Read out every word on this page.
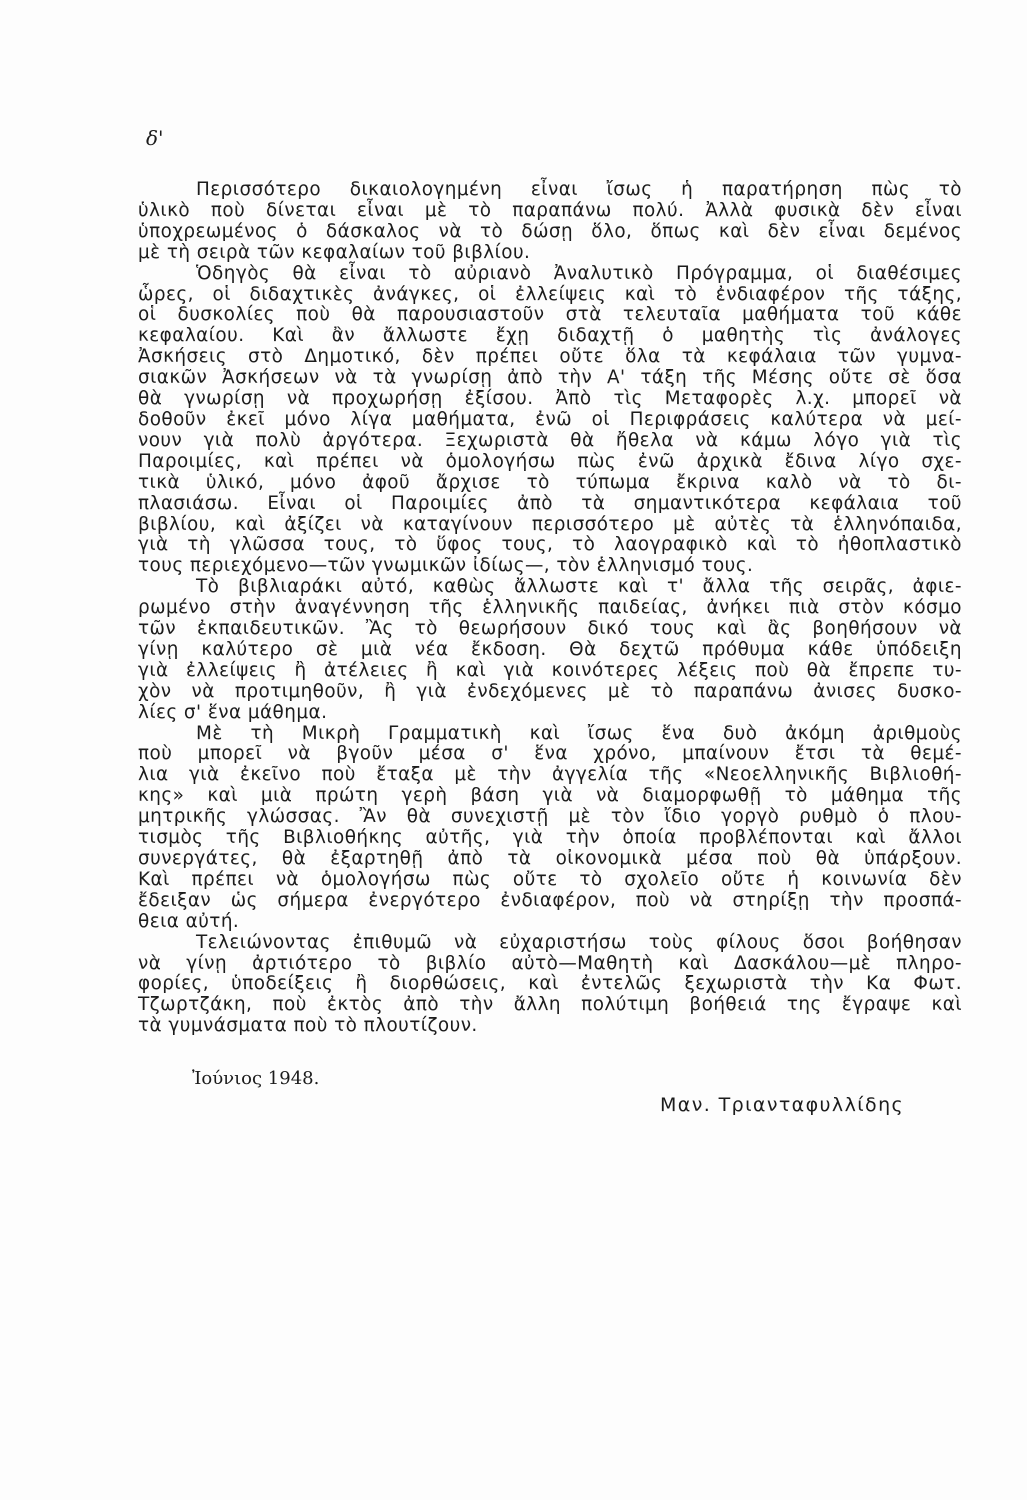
δ'
Περισσότερο δικαιολογημένη εἶναι ἴσως ἡ παρατήρηση πὼς τὸ
ὑλικὸ ποὺ δίνεται εἶναι μὲ τὸ παραπάνω πολύ. Ἀλλὰ φυσικὰ δὲν εἶναι
ὑποχρεωμένος ὁ δάσκαλος νὰ τὸ δώσῃ ὅλο, ὅπως καὶ δὲν εἶναι δεμένος
μὲ τὴ σειρὰ τῶν κεφαλαίων τοῦ βιβλίου.
Ὁδηγὸς θὰ εἶναι τὸ αὐριανὸ Ἀναλυτικὸ Πρόγραμμα, οἱ διαθέσιμες
ὧρες, οἱ διδαχτικὲς ἀνάγκες, οἱ ἐλλείψεις καὶ τὸ ἐνδιαφέρον τῆς τάξης,
οἱ δυσκολίες ποὺ θὰ παρουσιαστοῦν στὰ τελευταῖα μαθήματα τοῦ κάθε
κεφαλαίου. Καὶ ἂν ἄλλωστε ἔχῃ διδαχτῇ ὁ μαθητὴς τὶς ἀνάλογες
Ἀσκήσεις στὸ Δημοτικό, δὲν πρέπει οὔτε ὅλα τὰ κεφάλαια τῶν γυμνα-
σιακῶν Ἀσκήσεων νὰ τὰ γνωρίσῃ ἀπὸ τὴν Α' τάξη τῆς Μέσης οὔτε σὲ ὅσα
θὰ γνωρίσῃ νὰ προχωρήσῃ ἐξίσου. Ἀπὸ τὶς Μεταφορὲς λ.χ. μπορεῖ νὰ
δοθοῦν ἐκεῖ μόνο λίγα μαθήματα, ἐνῶ οἱ Περιφράσεις καλύτερα νὰ μεί-
νουν γιὰ πολὺ ἀργότερα. Ξεχωριστὰ θὰ ἤθελα νὰ κάμω λόγο γιὰ τὶς
Παροιμίες, καὶ πρέπει νὰ ὁμολογήσω πὼς ἐνῶ ἀρχικὰ ἔδινα λίγο σχε-
τικὰ ὑλικό, μόνο ἀφοῦ ἄρχισε τὸ τύπωμα ἔκρινα καλὸ νὰ τὸ δι-
πλασιάσω. Εἶναι οἱ Παροιμίες ἀπὸ τὰ σημαντικότερα κεφάλαια τοῦ
βιβλίου, καὶ ἀξίζει νὰ καταγίνουν περισσότερο μὲ αὐτὲς τὰ ἑλληνόπαιδα,
γιὰ τὴ γλῶσσα τους, τὸ ὕφος τους, τὸ λαογραφικὸ καὶ τὸ ἠθοπλαστικὸ
τους περιεχόμενο—τῶν γνωμικῶν ἰδίως—, τὸν ἑλληνισμό τους.
Τὸ βιβλιαράκι αὐτό, καθὼς ἄλλωστε καὶ τ' ἄλλα τῆς σειρᾶς, ἀφιε-
ρωμένο στὴν ἀναγέννηση τῆς ἑλληνικῆς παιδείας, ἀνήκει πιὰ στὸν κόσμο
τῶν ἐκπαιδευτικῶν. Ἂς τὸ θεωρήσουν δικό τους καὶ ἂς βοηθήσουν νὰ
γίνῃ καλύτερο σὲ μιὰ νέα ἔκδοση. Θὰ δεχτῶ πρόθυμα κάθε ὑπόδειξη
γιὰ ἐλλείψεις ἢ ἀτέλειες ἢ καὶ γιὰ κοινότερες λέξεις ποὺ θὰ ἔπρεπε τυ-
χὸν νὰ προτιμηθοῦν, ἢ γιὰ ἐνδεχόμενες μὲ τὸ παραπάνω ἀνισες δυσκο-
λίες σ' ἕνα μάθημα.
Μὲ τὴ Μικρὴ Γραμματικὴ καὶ ἴσως ἕνα δυὸ ἀκόμη ἀριθμοὺς
ποὺ μπορεῖ νὰ βγοῦν μέσα σ' ἕνα χρόνο, μπαίνουν ἔτσι τὰ θεμέ-
λια γιὰ ἐκεῖνο ποὺ ἔταξα μὲ τὴν ἀγγελία τῆς «Νεοελληνικῆς Βιβλιοθή-
κης» καὶ μιὰ πρώτη γερὴ βάση γιὰ νὰ διαμορφωθῇ τὸ μάθημα τῆς
μητρικῆς γλώσσας. Ἂν θὰ συνεχιστῇ μὲ τὸν ἴδιο γοργὸ ρυθμὸ ὁ πλου-
τισμὸς τῆς Βιβλιοθήκης αὐτῆς, γιὰ τὴν ὁποία προβλέπονται καὶ ἄλλοι
συνεργάτες, θὰ ἐξαρτηθῇ ἀπὸ τὰ οἰκονομικὰ μέσα ποὺ θὰ ὑπάρξουν.
Καὶ πρέπει νὰ ὁμολογήσω πὼς οὔτε τὸ σχολεῖο οὔτε ἡ κοινωνία δὲν
ἔδειξαν ὡς σήμερα ἐνεργότερο ἐνδιαφέρον, ποὺ νὰ στηρίξῃ τὴν προσπά-
θεια αὐτή.
Τελειώνοντας ἐπιθυμῶ νὰ εὐχαριστήσω τοὺς φίλους ὅσοι βοήθησαν
νὰ γίνῃ ἀρτιότερο τὸ βιβλίο αὐτὸ—Μαθητὴ καὶ Δασκάλου—μὲ πληρο-
φορίες, ὑποδείξεις ἢ διορθώσεις, καὶ ἐντελῶς ξεχωριστὰ τὴν Κα Φωτ.
Τζωρτζάκη, ποὺ ἐκτὸς ἀπὸ τὴν ἄλλη πολύτιμη βοήθειά της ἔγραψε καὶ
τὰ γυμνάσματα ποὺ τὸ πλουτίζουν.
Ἰούνιος 1948.
Μαν. Τριανταφυλλίδης
